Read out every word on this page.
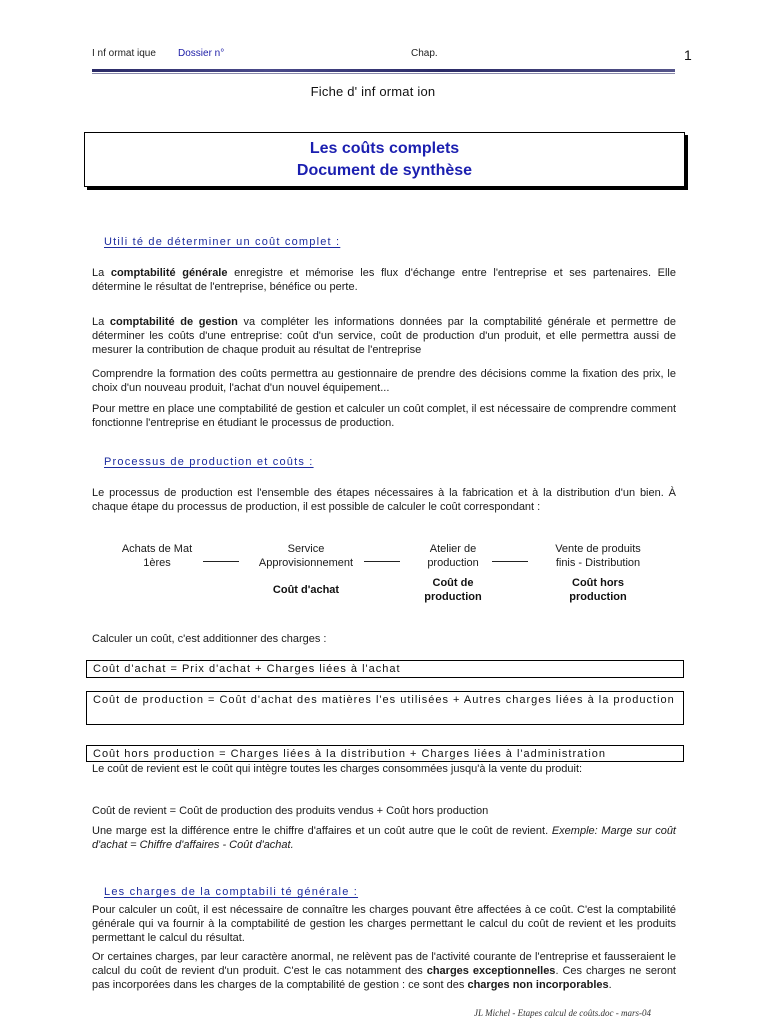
I nf ormat ique Dossier n°	Chap.	1
Fiche d' inf ormat ion
Les coûts complets
Document de synthèse
Utili té de déterminer un coût complet :
La comptabilité générale enregistre et mémorise les flux d'échange entre l'entreprise et ses partenaires. Elle détermine le résultat de l'entreprise, bénéfice ou perte.
La comptabilité de gestion va compléter les informations données par la comptabilité générale et permettre de déterminer les coûts d'une entreprise: coût d'un service, coût de production d'un produit, et elle permettra aussi de mesurer la contribution de chaque produit au résultat de l'entreprise
Comprendre la formation des coûts permettra au gestionnaire de prendre des décisions comme la fixation des prix, le choix d'un nouveau produit, l'achat d'un nouvel équipement...
Pour mettre en place une comptabilité de gestion et calculer un coût complet, il est nécessaire de comprendre comment fonctionne l'entreprise en étudiant le processus de production.
Processus de production et coûts :
Le processus de production est l'ensemble des étapes nécessaires à la fabrication et à la distribution d'un bien. À chaque étape du processus de production, il est possible de calculer le coût correspondant :
Achats de Mat
1ères
Service
Approvisionnement
Atelier de
production
Vente de produits
finis - Distribution
Coût d'achat
Coût de
production
Coût hors
production
Calculer un coût, c'est additionner des charges :
Coût d'achat = Prix d'achat + Charges liées à l'achat
Coût de production = Coût d'achat des matières l'es utilisées + Autres charges liées à la production
Coût hors production = Charges liées à la distribution + Charges liées à l'administration
Le coût de revient est le coût qui intègre toutes les charges consommées jusqu'à la vente du produit:
Coût de revient = Coût de production des produits vendus + Coût hors production
Une marge est la différence entre le chiffre d'affaires et un coût autre que le coût de revient. Exemple: Marge sur coût d'achat = Chiffre d'affaires - Coût d'achat.
Les charges de la comptabili té générale :
Pour calculer un coût, il est nécessaire de connaître les charges pouvant être affectées à ce coût. C'est la comptabilité générale qui va fournir à la comptabilité de gestion les charges permettant le calcul du coût de revient et les produits permettant le calcul du résultat.
Or certaines charges, par leur caractère anormal, ne relèvent pas de l'activité courante de l'entreprise et fausseraient le calcul du coût de revient d'un produit. C'est le cas notamment des charges exceptionnelles. Ces charges ne seront pas incorporées dans les charges de la comptabilité de gestion : ce sont des charges non incorporables.
JL Michel - Etapes calcul de coûts.doc - mars-04
